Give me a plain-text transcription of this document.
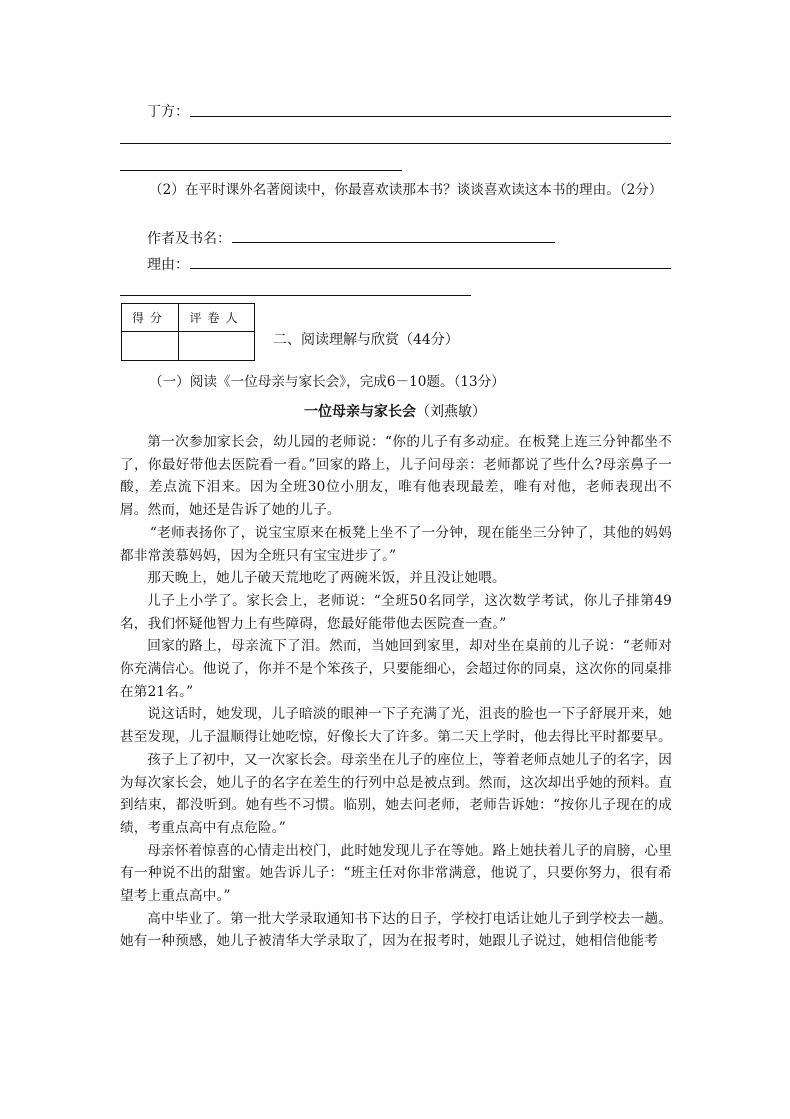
丁方：
（2）在平时课外名著阅读中，你最喜欢读那本书？谈谈喜欢读这本书的理由。（2分）
作者及书名：
理由：
得分	评卷人

二、阅读理解与欣赏（44分）
（一）阅读《一位母亲与家长会》，完成6－10题。（13分）
一位母亲与家长会（刘燕敏）

第一次参加家长会，幼儿园的老师说：“你的儿子有多动症。在板凳上连三分钟都坐不了，你最好带他去医院看一看。”回家的路上，儿子问母亲：老师都说了些什么?母亲鼻子一酸，差点流下泪来。因为全班30位小朋友，唯有他表现最差，唯有对他，老师表现出不屑。然而，她还是告诉了她的儿子。

“老师表扬你了，说宝宝原来在板凳上坐不了一分钟，现在能坐三分钟了，其他的妈妈都非常羡慕妈妈，因为全班只有宝宝进步了。”

那天晚上，她儿子破天荒地吃了两碗米饭，并且没让她喂。

儿子上小学了。家长会上，老师说：“全班50名同学，这次数学考试，你儿子排第49名，我们怀疑他智力上有些障碍，您最好能带他去医院查一查。”

回家的路上，母亲流下了泪。然而，当她回到家里，却对坐在桌前的儿子说：“老师对你充满信心。他说了，你并不是个笨孩子，只要能细心，会超过你的同桌，这次你的同桌排在第21名。”

说这话时，她发现，儿子暗淡的眼神一下子充满了光，沮丧的脸也一下子舒展开来，她甚至发现，儿子温顺得让她吃惊，好像长大了许多。第二天上学时，他去得比平时都要早。

孩子上了初中，又一次家长会。母亲坐在儿子的座位上，等着老师点她儿子的名字，因为每次家长会，她儿子的名字在差生的行列中总是被点到。然而，这次却出乎她的预料。直到结束，都没听到。她有些不习惯。临别，她去问老师，老师告诉她：“按你儿子现在的成绩，考重点高中有点危险。”

母亲怀着惊喜的心情走出校门，此时她发现儿子在等她。路上她扶着儿子的肩膀，心里有一种说不出的甜蜜。她告诉儿子：“班主任对你非常满意，他说了，只要你努力，很有希望考上重点高中。”

高中毕业了。第一批大学录取通知书下达的日子，学校打电话让她儿子到学校去一趟。她有一种预感，她儿子被清华大学录取了，因为在报考时，她跟儿子说过，她相信他能考
